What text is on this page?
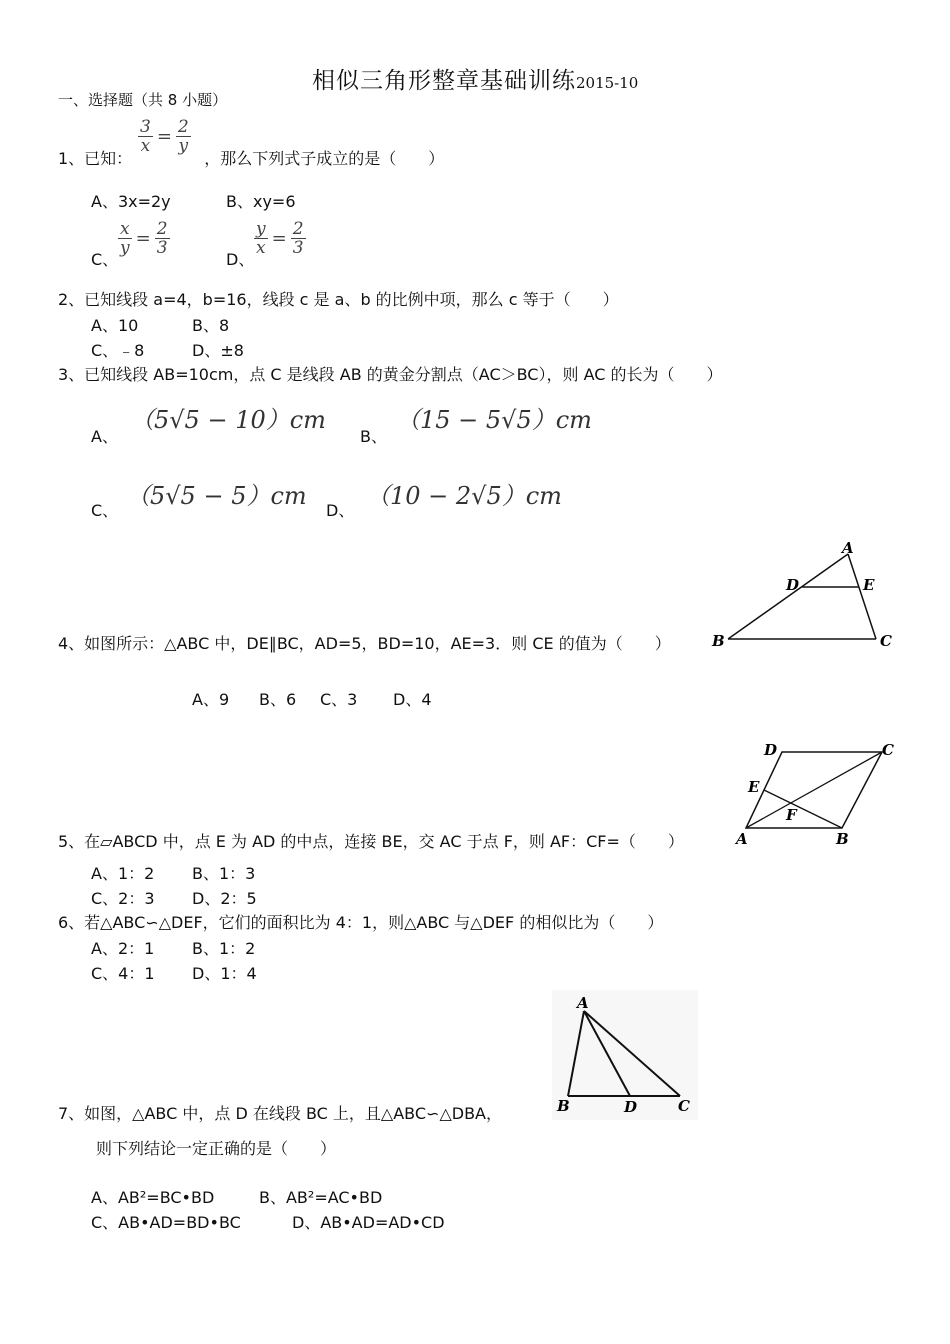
相似三角形整章基础训练2015-10
一、选择题（共 8 小题）
$\frac{3}{x} = \frac{2}{y}$
1、已知：	，那么下列式子成立的是（　　）
A、3x=2y	B、xy=6
$\frac{x}{y} = \frac{2}{3}$
C、
$\frac{y}{x} = \frac{2}{3}$
D、
2、已知线段 a=4，b=16，线段 c 是 a、b 的比例中项，那么 c 等于（　　）
A、10	B、8
C、﹣8	D、±8
3、已知线段 AB=10cm，点 C 是线段 AB 的黄金分割点（AC＞BC），则 AC 的长为（　　）
A、
（5√5 − 10）cm
B、
（15 − 5√5）cm
C、
（5√5 − 5）cm
D、
（10 − 2√5）cm
A
D	E
B	C
4、如图所示：△ABC 中，DE∥BC，AD=5，BD=10，AE=3．则 CE 的值为（　　）
A、9 B、6 C、3 D、4
D	C
E
F
A	B
5、在▱ABCD 中，点 E 为 AD 的中点，连接 BE，交 AC 于点 F，则 AF：CF=（　　）
A、1：2 B、1：3
C、2：3 D、2：5
6、若△ABC∽△DEF，它们的面积比为 4：1，则△ABC 与△DEF 的相似比为（　　）
A、2：1 B、1：2
C、4：1 D、1：4
A
B	D	C
7、如图，△ABC 中，点 D 在线段 BC 上，且△ABC∽△DBA，
则下列结论一定正确的是（　　）
A、AB²=BC•BD	B、AB²=AC•BD
C、AB•AD=BD•BC	D、AB•AD=AD•CD
